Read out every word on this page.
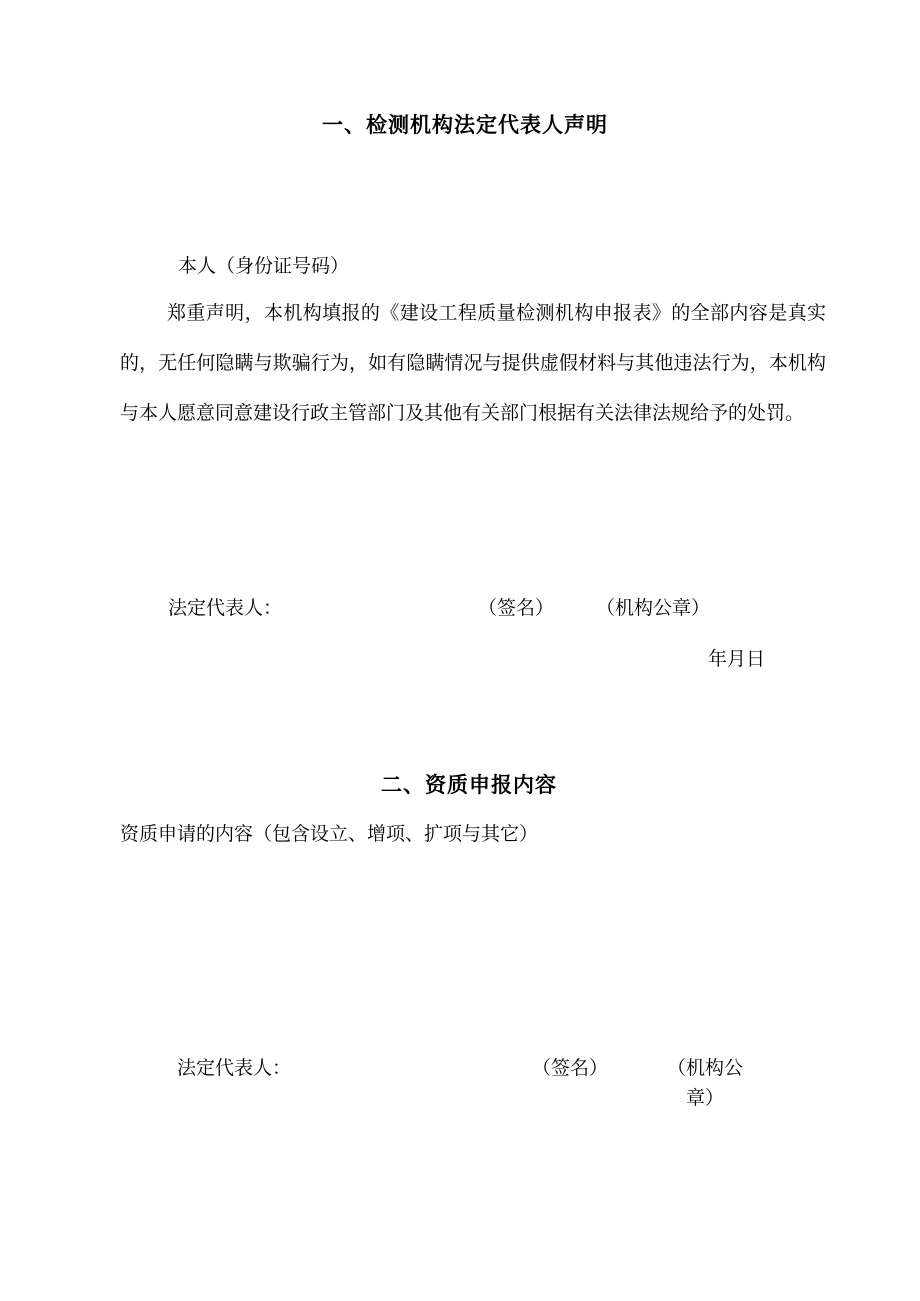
一、检测机构法定代表人声明
本人（身份证号码）
郑重声明，本机构填报的《建设工程质量检测机构申报表》的全部内容是真实的，无任何隐瞒与欺骗行为，如有隐瞒情况与提供虚假材料与其他违法行为，本机构与本人愿意同意建设行政主管部门及其他有关部门根据有关法律法规给予的处罚。
法定代表人：	（签名） （机构公章）
年月日
二、资质申报内容
资质申请的内容（包含设立、增项、扩项与其它）
法定代表人：	（签名）	（机构公章）
